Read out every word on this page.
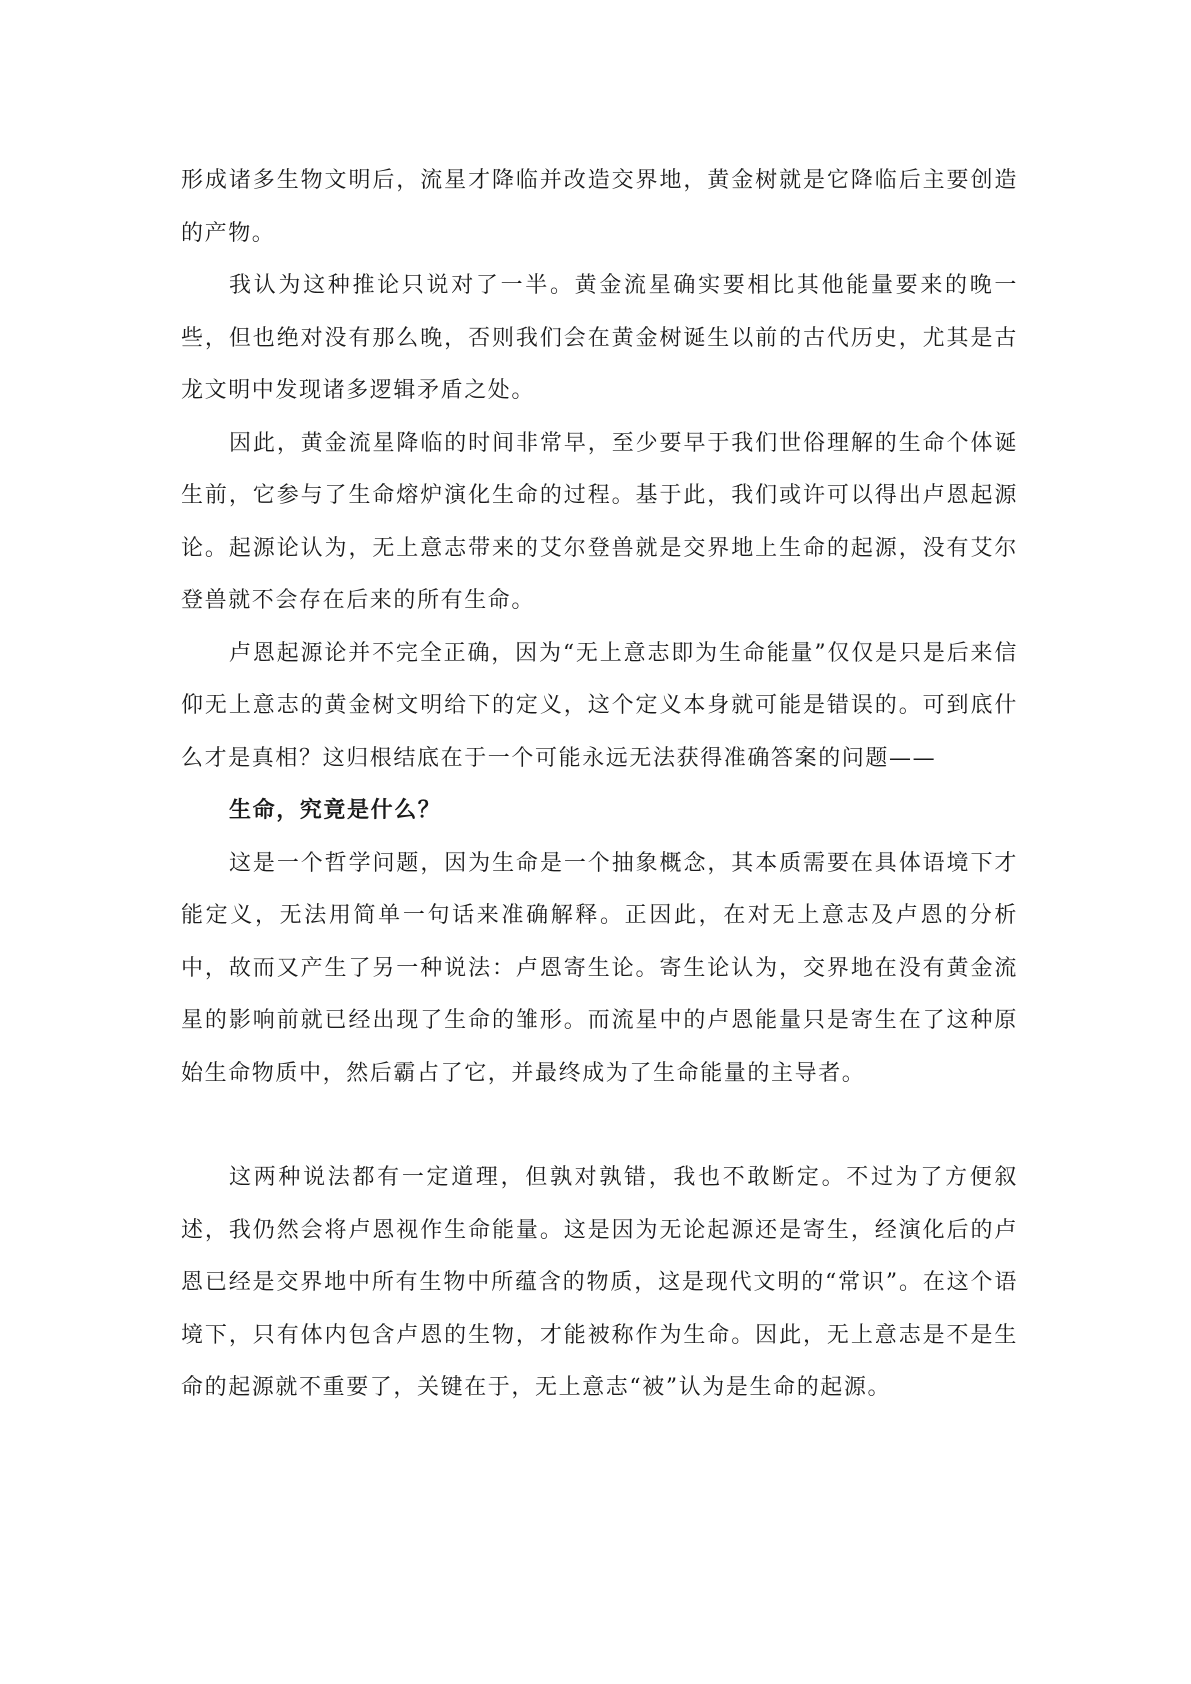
形成诸多生物文明后，流星才降临并改造交界地，黄金树就是它降临后主要创造的产物。

我认为这种推论只说对了一半。黄金流星确实要相比其他能量要来的晚一些，但也绝对没有那么晚，否则我们会在黄金树诞生以前的古代历史，尤其是古龙文明中发现诸多逻辑矛盾之处。

因此，黄金流星降临的时间非常早，至少要早于我们世俗理解的生命个体诞生前，它参与了生命熔炉演化生命的过程。基于此，我们或许可以得出卢恩起源论。起源论认为，无上意志带来的艾尔登兽就是交界地上生命的起源，没有艾尔登兽就不会存在后来的所有生命。

卢恩起源论并不完全正确，因为“无上意志即为生命能量”仅仅是只是后来信仰无上意志的黄金树文明给下的定义，这个定义本身就可能是错误的。可到底什么才是真相？这归根结底在于一个可能永远无法获得准确答案的问题——

生命，究竟是什么？

这是一个哲学问题，因为生命是一个抽象概念，其本质需要在具体语境下才能定义，无法用简单一句话来准确解释。正因此，在对无上意志及卢恩的分析中，故而又产生了另一种说法：卢恩寄生论。寄生论认为，交界地在没有黄金流星的影响前就已经出现了生命的雏形。而流星中的卢恩能量只是寄生在了这种原始生命物质中，然后霸占了它，并最终成为了生命能量的主导者。

这两种说法都有一定道理，但孰对孰错，我也不敢断定。不过为了方便叙述，我仍然会将卢恩视作生命能量。这是因为无论起源还是寄生，经演化后的卢恩已经是交界地中所有生物中所蕴含的物质，这是现代文明的“常识”。在这个语境下，只有体内包含卢恩的生物，才能被称作为生命。因此，无上意志是不是生命的起源就不重要了，关键在于，无上意志“被”认为是生命的起源。
